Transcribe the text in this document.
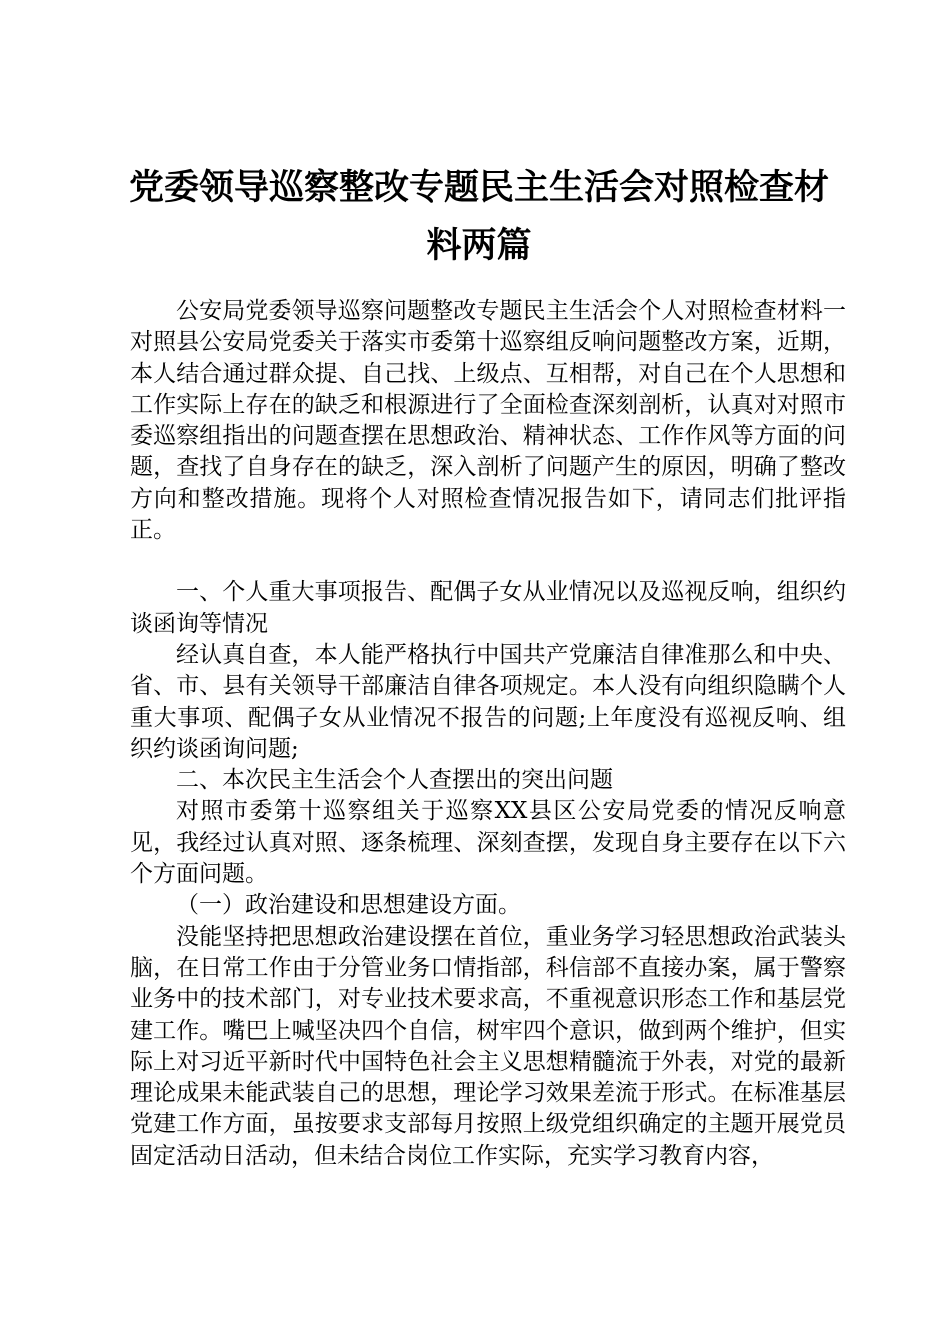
党委领导巡察整改专题民主生活会对照检查材
料两篇

公安局党委领导巡察问题整改专题民主生活会个人对照检查材料一对照县公安局党委关于落实市委第十巡察组反响问题整改方案，近期，本人结合通过群众提、自己找、上级点、互相帮，对自己在个人思想和工作实际上存在的缺乏和根源进行了全面检查深刻剖析，认真对对照市委巡察组指出的问题查摆在思想政治、精神状态、工作作风等方面的问题，查找了自身存在的缺乏，深入剖析了问题产生的原因，明确了整改方向和整改措施。现将个人对照检查情况报告如下，请同志们批评指正。

一、个人重大事项报告、配偶子女从业情况以及巡视反响，组织约谈函询等情况

经认真自查，本人能严格执行中国共产党廉洁自律准那么和中央、省、市、县有关领导干部廉洁自律各项规定。本人没有向组织隐瞒个人重大事项、配偶子女从业情况不报告的问题;上年度没有巡视反响、组织约谈函询问题;

二、本次民主生活会个人查摆出的突出问题

对照市委第十巡察组关于巡察XX县区公安局党委的情况反响意见，我经过认真对照、逐条梳理、深刻查摆，发现自身主要存在以下六个方面问题。

（一）政治建设和思想建设方面。

没能坚持把思想政治建设摆在首位，重业务学习轻思想政治武装头脑，在日常工作由于分管业务口情指部，科信部不直接办案，属于警察业务中的技术部门，对专业技术要求高，不重视意识形态工作和基层党建工作。嘴巴上喊坚决四个自信，树牢四个意识，做到两个维护，但实际上对习近平新时代中国特色社会主义思想精髓流于外表，对党的最新理论成果未能武装自己的思想，理论学习效果差流于形式。在标准基层党建工作方面，虽按要求支部每月按照上级党组织确定的主题开展党员固定活动日活动，但未结合岗位工作实际，充实学习教育内容，
